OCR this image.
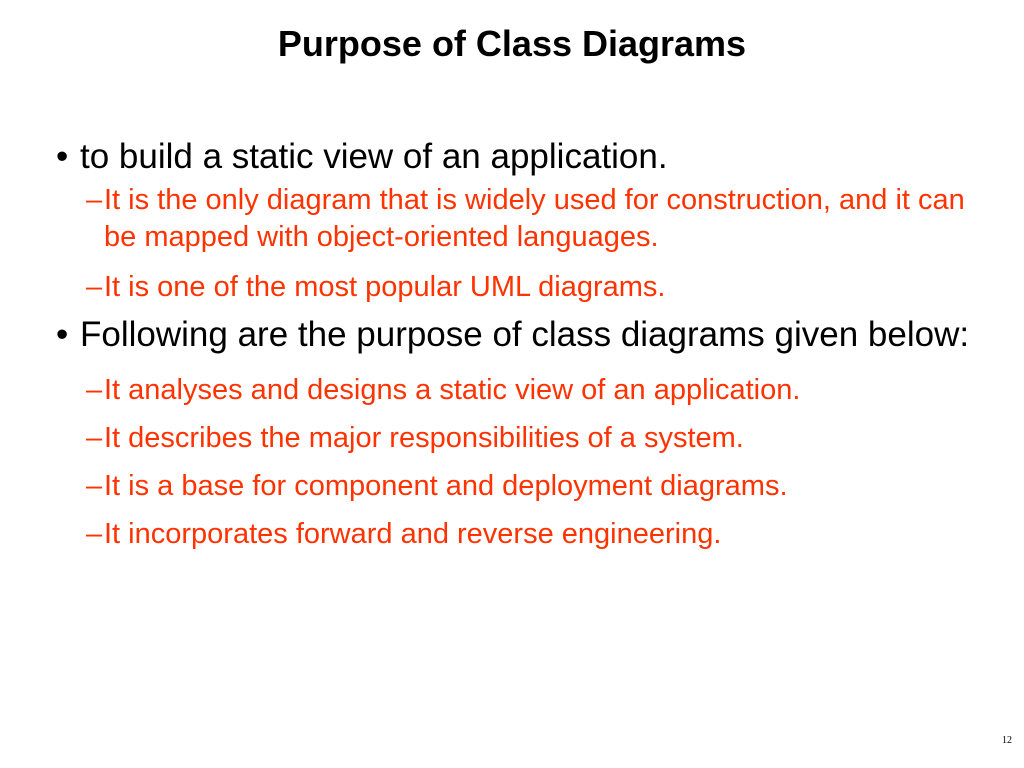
Purpose of Class Diagrams
• to build a static view of an application.
– It is the only diagram that is widely used for construction, and it can be mapped with object-oriented languages.
– It is one of the most popular UML diagrams.
• Following are the purpose of class diagrams given below:
– It analyses and designs a static view of an application.
– It describes the major responsibilities of a system.
– It is a base for component and deployment diagrams.
– It incorporates forward and reverse engineering.
12
